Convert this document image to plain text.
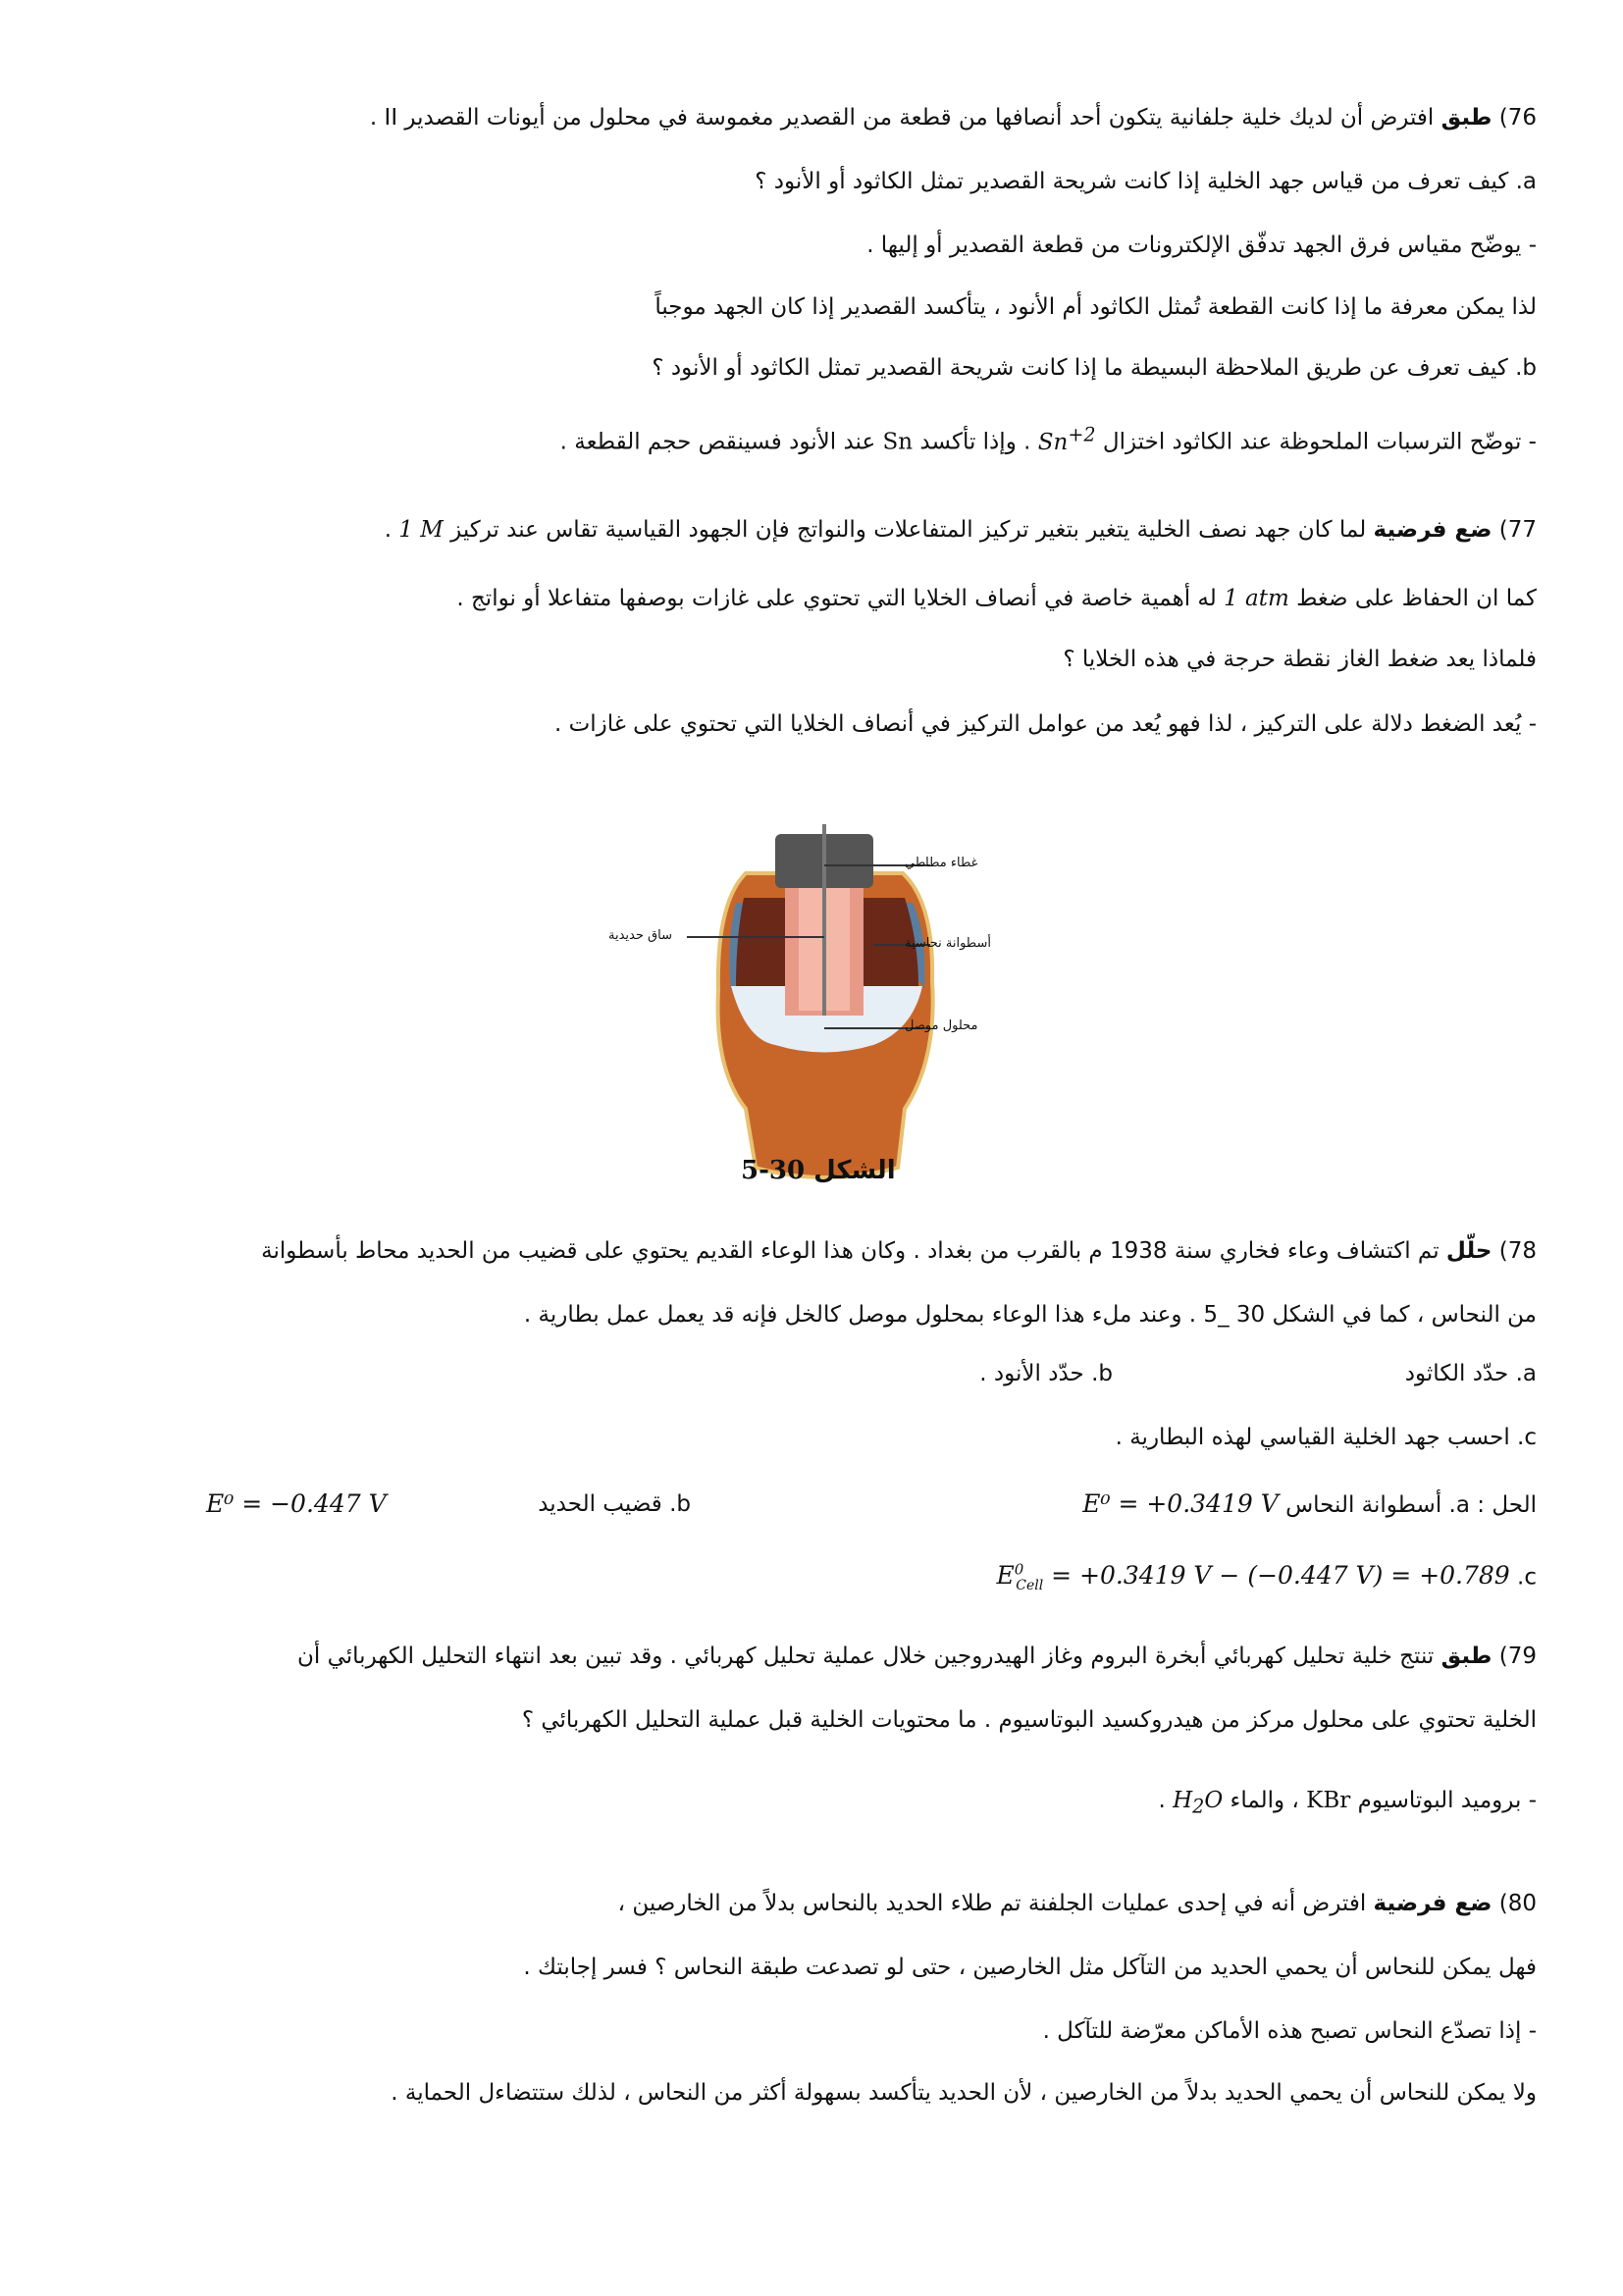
76) طبق افترض أن لديك خلية جلفانية يتكون أحد أنصافها من قطعة من القصدير مغموسة في محلول من أيونات القصدير II .
a. كيف تعرف من قياس جهد الخلية إذا كانت شريحة القصدير تمثل الكاثود أو الأنود ؟
- يوضّح مقياس فرق الجهد تدفّق الإلكترونات من قطعة القصدير أو إليها .
لذا يمكن معرفة ما إذا كانت القطعة تُمثل الكاثود أم الأنود ، يتأكسد القصدير إذا كان الجهد موجباً
b. كيف تعرف عن طريق الملاحظة البسيطة ما إذا كانت شريحة القصدير تمثل الكاثود أو الأنود ؟
- توضّح الترسبات الملحوظة عند الكاثود اختزال $Sn^{+2}$ . وإذا تأكسد Sn عند الأنود فسينقص حجم القطعة .
77) ضع فرضية لما كان جهد نصف الخلية يتغير بتغير تركيز المتفاعلات والنواتج فإن الجهود القياسية تقاس عند تركيز 1 M .
كما ان الحفاظ على ضغط 1 atm له أهمية خاصة في أنصاف الخلايا التي تحتوي على غازات بوصفها متفاعلا أو نواتج .
فلماذا يعد ضغط الغاز نقطة حرجة في هذه الخلايا ؟
- يُعد الضغط دلالة على التركيز ، لذا فهو يُعد من عوامل التركيز في أنصاف الخلايا التي تحتوي على غازات .
غطاء مطاطي
ساق حديدية
أسطوانة نحاسية
محلول موصل
الشكل 5-30
78) حلّل تم اكتشاف وعاء فخاري سنة 1938 م بالقرب من بغداد . وكان هذا الوعاء القديم يحتوي على قضيب من الحديد محاط بأسطوانة
من النحاس ، كما في الشكل 30 _5 . وعند ملء هذا الوعاء بمحلول موصل كالخل فإنه قد يعمل عمل بطارية .
a. حدّد الكاثود
b. حدّد الأنود .
c. احسب جهد الخلية القياسي لهذه البطارية .
الحل : a. أسطوانة النحاس E⁰ = +0.3419 V
b. قضيب الحديد
E⁰ = −0.447 V
c. $E^0_{Cell} = +0.3419$ V − (−0.447 V) = +0.789
79) طبق تنتج خلية تحليل كهربائي أبخرة البروم وغاز الهيدروجين خلال عملية تحليل كهربائي . وقد تبين بعد انتهاء التحليل الكهربائي أن
الخلية تحتوي على محلول مركز من هيدروكسيد البوتاسيوم . ما محتويات الخلية قبل عملية التحليل الكهربائي ؟
- بروميد البوتاسيوم KBr ، والماء $H_2O$ .
80) ضع فرضية افترض أنه في إحدى عمليات الجلفنة تم طلاء الحديد بالنحاس بدلاً من الخارصين ،
فهل يمكن للنحاس أن يحمي الحديد من التآكل مثل الخارصين ، حتى لو تصدعت طبقة النحاس ؟ فسر إجابتك .
- إذا تصدّع النحاس تصبح هذه الأماكن معرّضة للتآكل .
ولا يمكن للنحاس أن يحمي الحديد بدلاً من الخارصين ، لأن الحديد يتأكسد بسهولة أكثر من النحاس ، لذلك ستتضاءل الحماية .
